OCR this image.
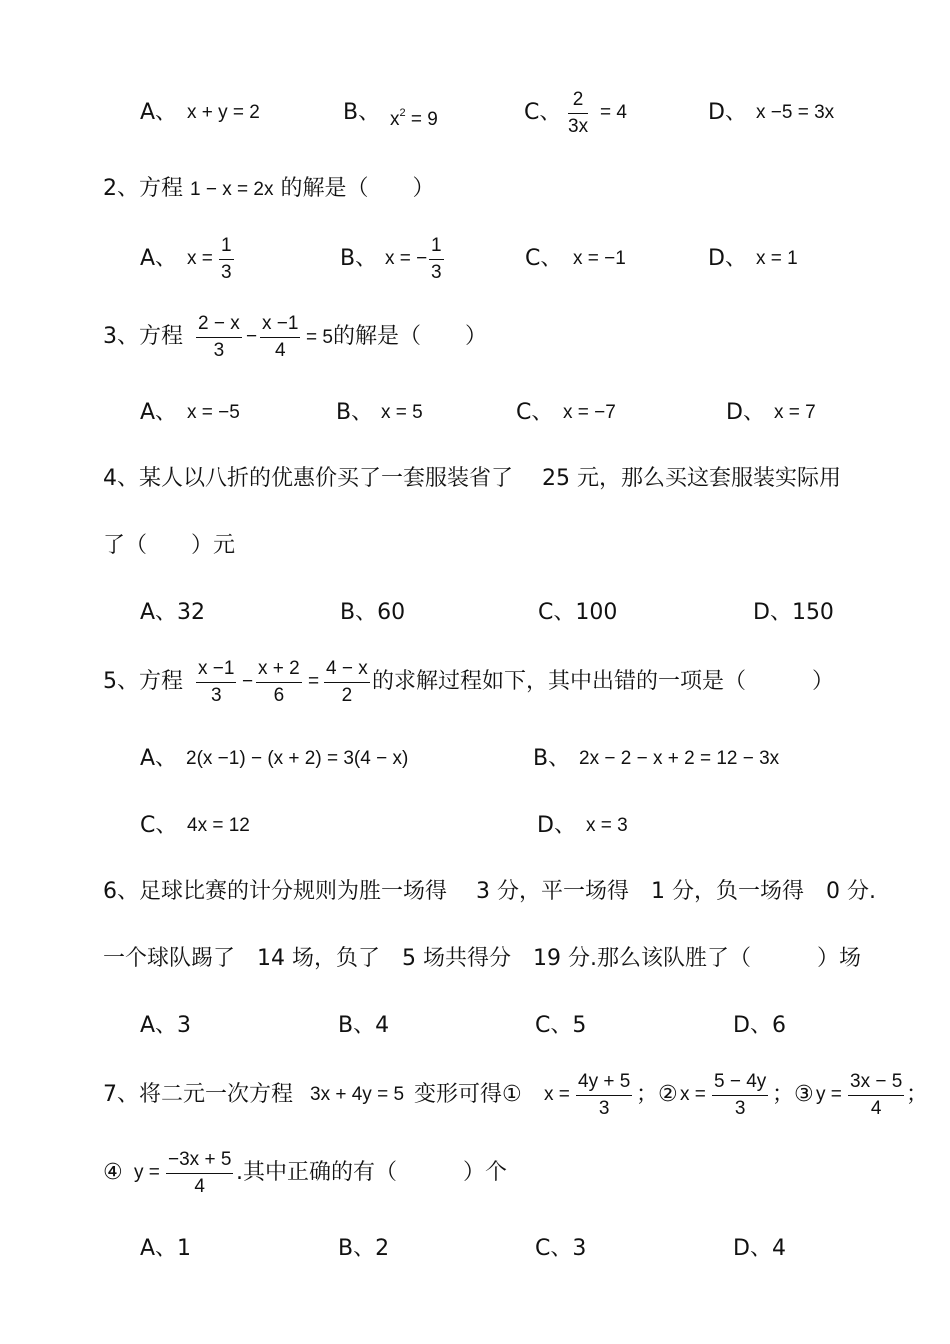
A、 x + y = 2	B、 $x^2 = 9$	C、 = 4	D、 x −5 = 3x
$\frac{2}{3x}$
2、方程 1 − x = 2x 的解是（　　）
A、 x =	B、 x = −	C、 x = −1	D、 x = 1
$\frac{1}{3}$	$\frac{1}{3}$
3、方程 $\frac{2 - x}{3} - \frac{x -1}{4} = 5$的解是（　　）
A、 x = −5	B、 x = 5	C、 x = −7	D、 x = 7
4、某人以八折的优惠价买了一套服装省了　 25 元，那么买这套服装实际用
了（　　）元
A、32	B、60	C、100	D、150
5、方程 $\frac{x -1}{3} - \frac{x + 2}{6} = \frac{4 - x}{2}$ 的求解过程如下，其中出错的一项是（　　　）
A、 2(x −1) − (x + 2) = 3(4 − x)	B、 2x − 2 − x + 2 = 12 − 3x
C、 4x = 12	D、 x = 3
6、足球比赛的计分规则为胜一场得　 3 分，平一场得　1 分，负一场得　0 分.
一个球队踢了　14 场，负了　5 场共得分　19 分.那么该队胜了（　　　）场
A、3	B、4	C、5	D、6
7、将二元一次方程 3x + 4y = 5 变形可得① $x = \frac{4y + 5}{3}$ ；② $x = \frac{5 - 4y}{3}$ ；③ $y = \frac{3x - 5}{4}$ ；
④ $y = \frac{-3x + 5}{4}$ .其中正确的有（　　　）个
A、1	B、2	C、3	D、4
